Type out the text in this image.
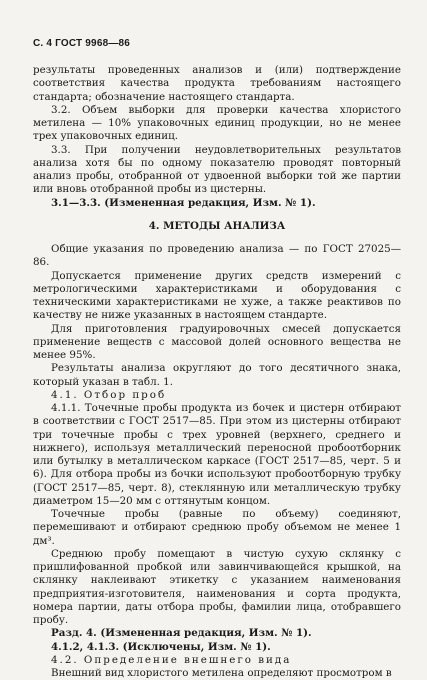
С. 4 ГОСТ 9968—86

результаты проведенных анализов и (или) подтверждение соответствия качества продукта требованиям настоящего стандарта; обозначение настоящего стандарта.

3.2. Объем выборки для проверки качества хлористого метилена — 10% упаковочных единиц продукции, но не менее трех упаковочных единиц.

3.3. При получении неудовлетворительных результатов анализа хотя бы по одному показателю проводят повторный анализ пробы, отобранной от удвоенной выборки той же партии или вновь отобранной пробы из цистерны.

3.1—3.3. (Измененная редакция, Изм. № 1).

4. МЕТОДЫ АНАЛИЗА

Общие указания по проведению анализа — по ГОСТ 27025—86.

Допускается применение других средств измерений с метрологическими характеристиками и оборудования с техническими характеристиками не хуже, а также реактивов по качеству не ниже указанных в настоящем стандарте.

Для приготовления градуировочных смесей допускается применение веществ с массовой долей основного вещества не менее 95%.

Результаты анализа округляют до того десятичного знака, который указан в табл. 1.

4.1. Отбор проб

4.1.1. Точечные пробы продукта из бочек и цистерн отбирают в соответствии с ГОСТ 2517—85. При этом из цистерны отбирают три точечные пробы с трех уровней (верхнего, среднего и нижнего), используя металлический переносной пробоотборник или бутылку в металлическом каркасе (ГОСТ 2517—85, черт. 5 и 6). Для отбора пробы из бочки используют пробоотборную трубку (ГОСТ 2517—85, черт. 8), стеклянную или металлическую трубку диаметром 15—20 мм с оттянутым концом.

Точечные пробы (равные по объему) соединяют, перемешивают и отбирают среднюю пробу объемом не менее 1 дм³.

Среднюю пробу помещают в чистую сухую склянку с пришлифованной пробкой или завинчивающейся крышкой, на склянку наклеивают этикетку с указанием наименования предприятия-изготовителя, наименования и сорта продукта, номера партии, даты отбора пробы, фамилии лица, отобравшего пробу.

Разд. 4. (Измененная редакция, Изм. № 1).

4.1.2, 4.1.3. (Исключены, Изм. № 1).

4.2. Определение внешнего вида

Внешний вид хлористого метилена определяют просмотром в
